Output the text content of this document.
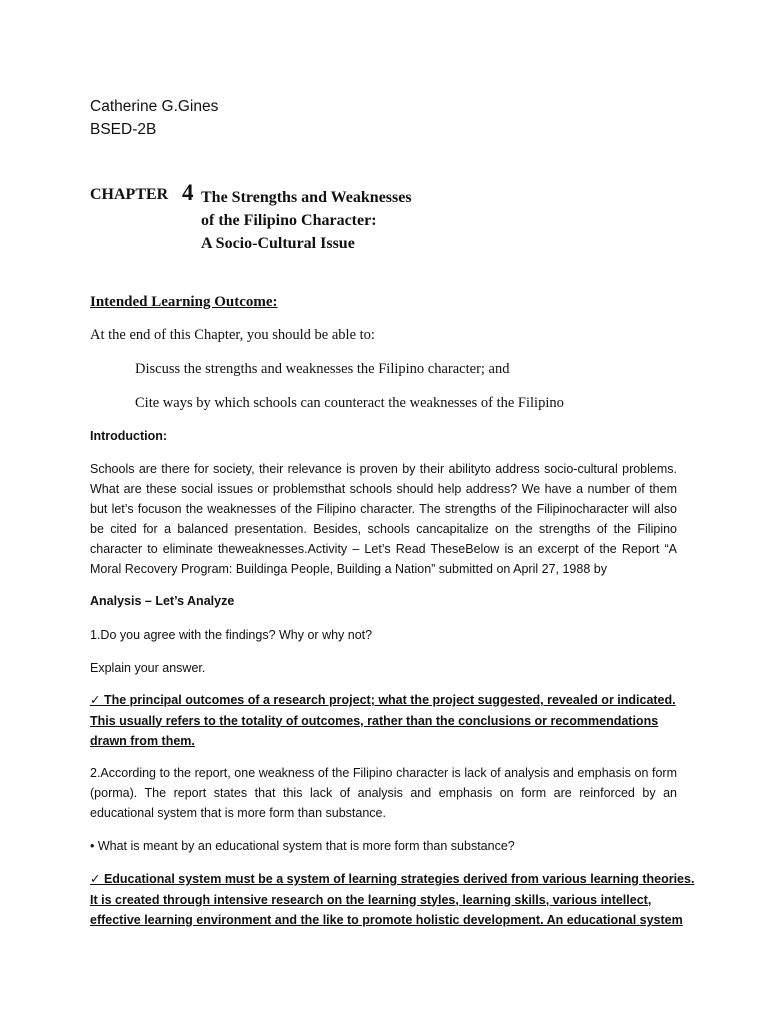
Catherine G.Gines
BSED-2B
CHAPTER 4 The Strengths and Weaknesses
of the Filipino Character:
A Socio-Cultural Issue
Intended Learning Outcome:
At the end of this Chapter, you should be able to:
Discuss the strengths and weaknesses the Filipino character; and
Cite ways by which schools can counteract the weaknesses of the Filipino
Introduction:
Schools are there for society, their relevance is proven by their abilityto address socio-cultural problems. What are these social issues or problemsthat schools should help address? We have a number of them but let’s focuson the weaknesses of the Filipino character. The strengths of the Filipinocharacter will also be cited for a balanced presentation. Besides, schools cancapitalize on the strengths of the Filipino character to eliminate theweaknesses.Activity – Let’s Read TheseBelow is an excerpt of the Report “A Moral Recovery Program: Buildinga People, Building a Nation” submitted on April 27, 1988 by
Analysis – Let’s Analyze
1.Do you agree with the findings? Why or why not?
Explain your answer.
✓ The principal outcomes of a research project; what the project suggested, revealed or indicated.
This usually refers to the totality of outcomes, rather than the conclusions or recommendations
drawn from them.
2.According to the report, one weakness of the Filipino character is lack of analysis and emphasis on form (porma). The report states that this lack of analysis and emphasis on form are reinforced by an educational system that is more form than substance.
• What is meant by an educational system that is more form than substance?
✓ Educational system must be a system of learning strategies derived from various learning theories.
It is created through intensive research on the learning styles, learning skills, various intellect,
effective learning environment and the like to promote holistic development. An educational system
